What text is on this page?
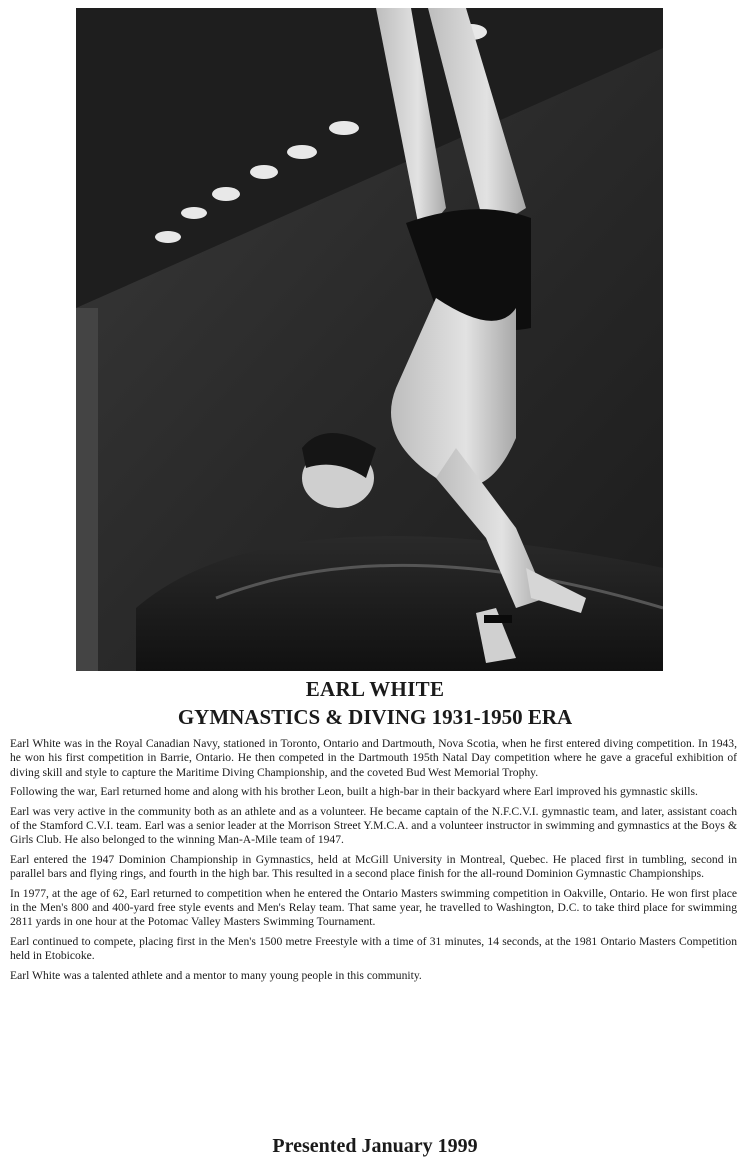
EARL WHITE
GYMNASTICS & DIVING 1931-1950 ERA

Earl White was in the Royal Canadian Navy, stationed in Toronto, Ontario and Dartmouth, Nova Scotia, when he first entered diving competition. In 1943, he won his first competition in Barrie, Ontario. He then competed in the Dartmouth 195th Natal Day competition where he gave a graceful exhibition of diving skill and style to capture the Maritime Diving Championship, and the coveted Bud West Memorial Trophy.

Following the war, Earl returned home and along with his brother Leon, built a high-bar in their backyard where Earl improved his gymnastic skills.

Earl was very active in the community both as an athlete and as a volunteer. He became captain of the N.F.C.V.I. gymnastic team, and later, assistant coach of the Stamford C.V.I. team. Earl was a senior leader at the Morrison Street Y.M.C.A. and a volunteer instructor in swimming and gymnastics at the Boys & Girls Club. He also belonged to the winning Man-A-Mile team of 1947.

Earl entered the 1947 Dominion Championship in Gymnastics, held at McGill University in Montreal, Quebec. He placed first in tumbling, second in parallel bars and flying rings, and fourth in the high bar. This resulted in a second place finish for the all-round Dominion Gymnastic Championships.

In 1977, at the age of 62, Earl returned to competition when he entered the Ontario Masters swimming competition in Oakville, Ontario. He won first place in the Men's 800 and 400-yard free style events and Men's Relay team. That same year, he travelled to Washington, D.C. to take third place for swimming 2811 yards in one hour at the Potomac Valley Masters Swimming Tournament.

Earl continued to compete, placing first in the Men's 1500 metre Freestyle with a time of 31 minutes, 14 seconds, at the 1981 Ontario Masters Competition held in Etobicoke.

Earl White was a talented athlete and a mentor to many young people in this community.

Presented January 1999
